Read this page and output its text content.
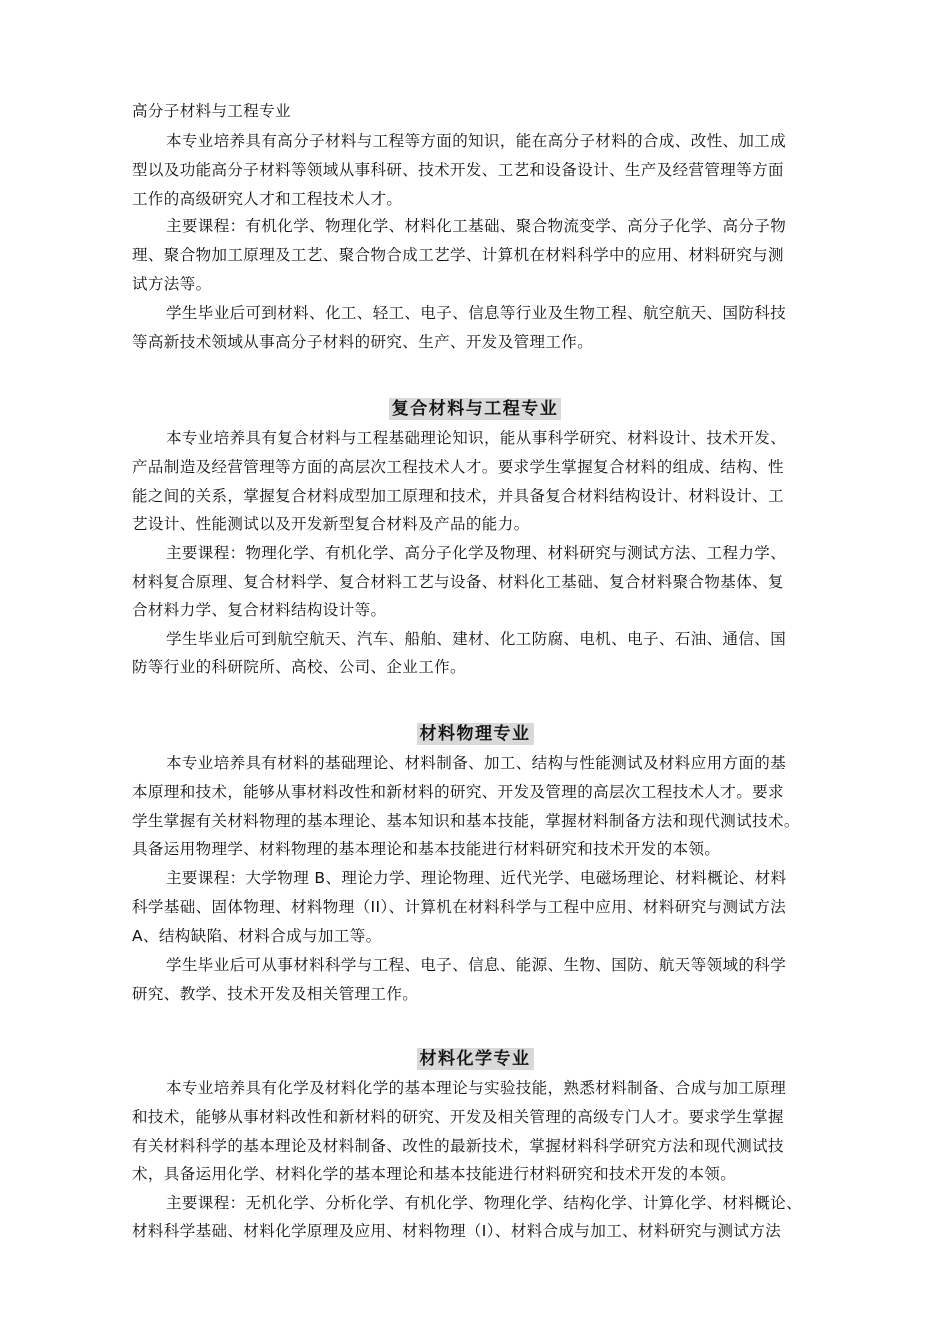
高分子材料与工程专业
本专业培养具有高分子材料与工程等方面的知识，能在高分子材料的合成、改性、加工成
型以及功能高分子材料等领域从事科研、技术开发、工艺和设备设计、生产及经营管理等方面
工作的高级研究人才和工程技术人才。
主要课程：有机化学、物理化学、材料化工基础、聚合物流变学、高分子化学、高分子物
理、聚合物加工原理及工艺、聚合物合成工艺学、计算机在材料科学中的应用、材料研究与测
试方法等。
学生毕业后可到材料、化工、轻工、电子、信息等行业及生物工程、航空航天、国防科技
等高新技术领域从事高分子材料的研究、生产、开发及管理工作。
复合材料与工程专业
本专业培养具有复合材料与工程基础理论知识，能从事科学研究、材料设计、技术开发、
产品制造及经营管理等方面的高层次工程技术人才。要求学生掌握复合材料的组成、结构、性
能之间的关系，掌握复合材料成型加工原理和技术，并具备复合材料结构设计、材料设计、工
艺设计、性能测试以及开发新型复合材料及产品的能力。
主要课程：物理化学、有机化学、高分子化学及物理、材料研究与测试方法、工程力学、
材料复合原理、复合材料学、复合材料工艺与设备、材料化工基础、复合材料聚合物基体、复
合材料力学、复合材料结构设计等。
学生毕业后可到航空航天、汽车、船舶、建材、化工防腐、电机、电子、石油、通信、国
防等行业的科研院所、高校、公司、企业工作。
材料物理专业
本专业培养具有材料的基础理论、材料制备、加工、结构与性能测试及材料应用方面的基
本原理和技术，能够从事材料改性和新材料的研究、开发及管理的高层次工程技术人才。要求
学生掌握有关材料物理的基本理论、基本知识和基本技能，掌握材料制备方法和现代测试技术。
具备运用物理学、材料物理的基本理论和基本技能进行材料研究和技术开发的本领。
主要课程：大学物理 B、理论力学、理论物理、近代光学、电磁场理论、材料概论、材料
科学基础、固体物理、材料物理（II）、计算机在材料科学与工程中应用、材料研究与测试方法
A、结构缺陷、材料合成与加工等。
学生毕业后可从事材料科学与工程、电子、信息、能源、生物、国防、航天等领域的科学
研究、教学、技术开发及相关管理工作。
材料化学专业
本专业培养具有化学及材料化学的基本理论与实验技能，熟悉材料制备、合成与加工原理
和技术，能够从事材料改性和新材料的研究、开发及相关管理的高级专门人才。要求学生掌握
有关材料科学的基本理论及材料制备、改性的最新技术，掌握材料科学研究方法和现代测试技
术，具备运用化学、材料化学的基本理论和基本技能进行材料研究和技术开发的本领。
主要课程：无机化学、分析化学、有机化学、物理化学、结构化学、计算化学、材料概论、
材料科学基础、材料化学原理及应用、材料物理（I）、材料合成与加工、材料研究与测试方法
